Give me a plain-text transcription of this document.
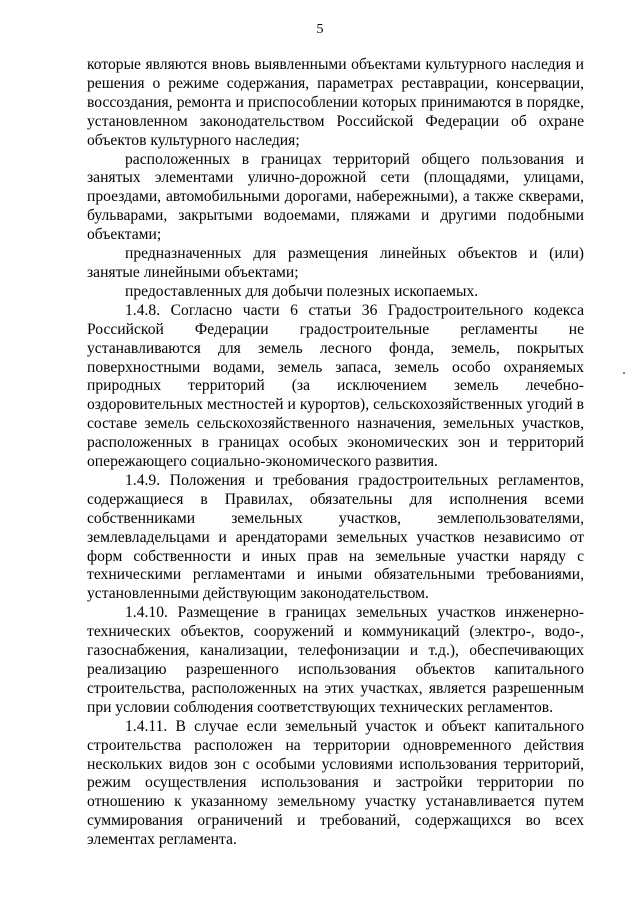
5

которые являются вновь выявленными объектами культурного наследия и решения о режиме содержания, параметрах реставрации, консервации, воссоздания, ремонта и приспособлении которых принимаются в порядке, установленном законодательством Российской Федерации об охране объектов культурного наследия;

расположенных в границах территорий общего пользования и занятых элементами улично-дорожной сети (площадями, улицами, проездами, автомобильными дорогами, набережными), а также скверами, бульварами, закрытыми водоемами, пляжами и другими подобными объектами;

предназначенных для размещения линейных объектов и (или) занятые линейными объектами;

предоставленных для добычи полезных ископаемых.

1.4.8. Согласно части 6 статьи 36 Градостроительного кодекса Российской Федерации градостроительные регламенты не устанавливаются для земель лесного фонда, земель, покрытых поверхностными водами, земель запаса, земель особо охраняемых природных территорий (за исключением земель лечебно-оздоровительных местностей и курортов), сельскохозяйственных угодий в составе земель сельскохозяйственного назначения, земельных участков, расположенных в границах особых экономических зон и территорий опережающего социально-экономического развития.

1.4.9. Положения и требования градостроительных регламентов, содержащиеся в Правилах, обязательны для исполнения всеми собственниками земельных участков, землепользователями, землевладельцами и арендаторами земельных участков независимо от форм собственности и иных прав на земельные участки наряду с техническими регламентами и иными обязательными требованиями, установленными действующим законодательством.

1.4.10. Размещение в границах земельных участков инженерно-технических объектов, сооружений и коммуникаций (электро-, водо-, газоснабжения, канализации, телефонизации и т.д.), обеспечивающих реализацию разрешенного использования объектов капитального строительства, расположенных на этих участках, является разрешенным при условии соблюдения соответствующих технических регламентов.

1.4.11. В случае если земельный участок и объект капитального строительства расположен на территории одновременного действия нескольких видов зон с особыми условиями использования территорий, режим осуществления использования и застройки территории по отношению к указанному земельному участку устанавливается путем суммирования ограничений и требований, содержащихся во всех элементах регламента.
